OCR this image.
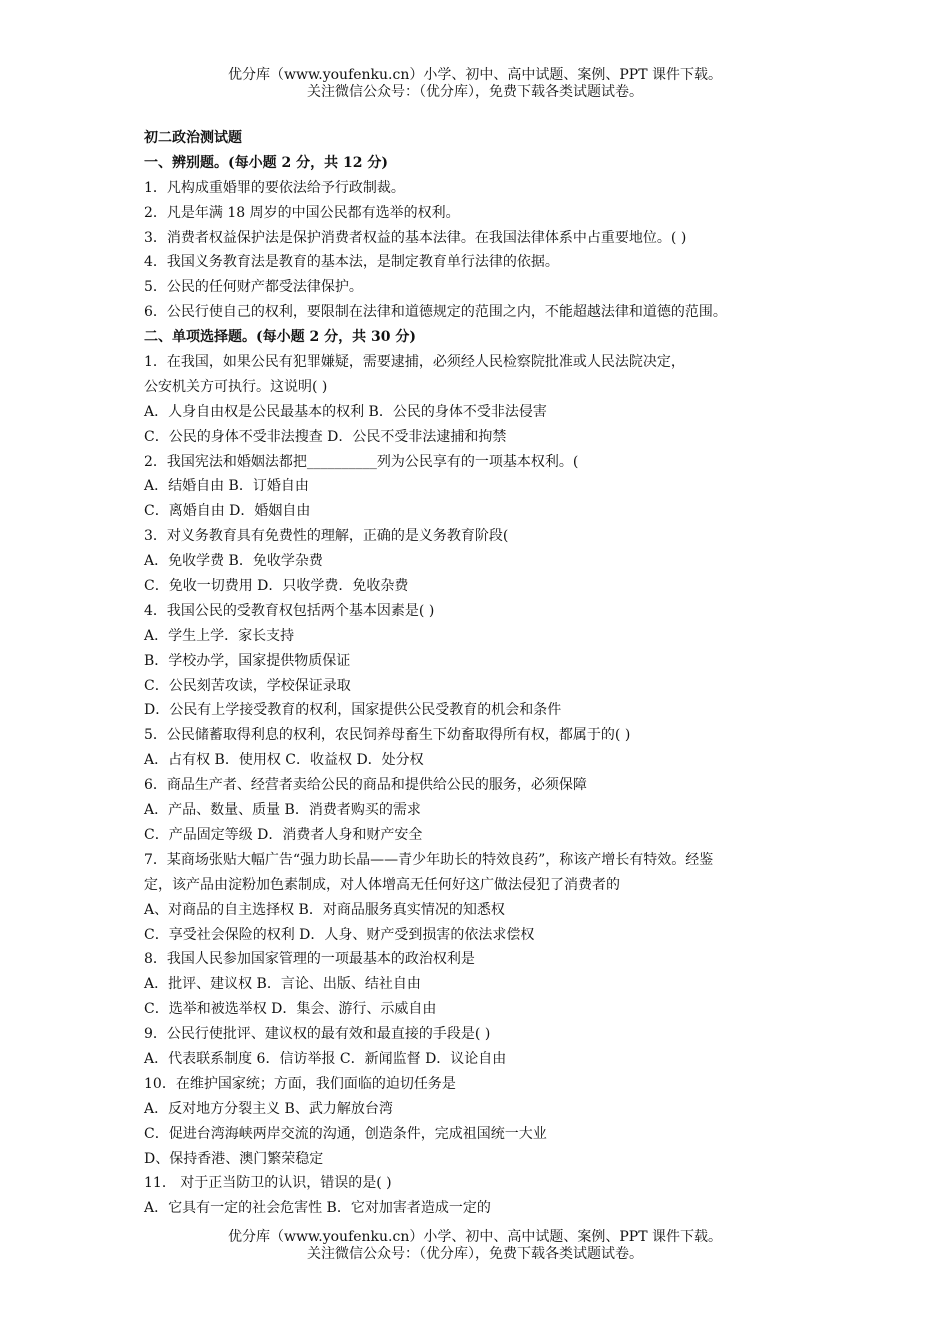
优分库（www.youfenku.cn）小学、初中、高中试题、案例、PPT 课件下载。
关注微信公众号：（优分库），免费下载各类试题试卷。
初二政治测试题
一、辨别题。(每小题 2 分，共 12 分)
1．凡构成重婚罪的要依法给予行政制裁。
2．凡是年满 18 周岁的中国公民都有选举的权利。
3．消费者权益保护法是保护消费者权益的基本法律。在我国法律体系中占重要地位。( )
4．我国义务教育法是教育的基本法，是制定教育单行法律的依据。
5．公民的任何财产都受法律保护。
6．公民行使自己的权利，要限制在法律和道德规定的范围之内，不能超越法律和道德的范围。
二、单项选择题。(每小题 2 分，共 30 分)
1．在我国，如果公民有犯罪嫌疑，需要逮捕，必须经人民检察院批准或人民法院决定，
公安机关方可执行。这说明( )
A．人身自由权是公民最基本的权利 B．公民的身体不受非法侵害
C．公民的身体不受非法搜查 D．公民不受非法逮捕和拘禁
2．我国宪法和婚姻法都把__________列为公民享有的一项基本权利。(
A．结婚自由 B．订婚自由
C．离婚自由 D．婚姻自由
3．对义务教育具有免费性的理解，正确的是义务教育阶段(
A．免收学费 B．免收学杂费
C．免收一切费用 D．只收学费．免收杂费
4．我国公民的受教育权包括两个基本因素是( )
A．学生上学．家长支持
B．学校办学，国家提供物质保证
C．公民刻苦攻读，学校保证录取
D．公民有上学接受教育的权利，国家提供公民受教育的机会和条件
5．公民储蓄取得利息的权利，农民饲养母畜生下幼畜取得所有权，都属于的( )
A．占有权 B．使用权 C．收益权 D．处分权
6．商品生产者、经营者卖给公民的商品和提供给公民的服务，必须保障
A．产品、数量、质量 B．消费者购买的需求
C．产品固定等级 D．消费者人身和财产安全
7．某商场张贴大幅广告“强力助长晶——青少年助长的特效良药”，称该产增长有特效。经鉴
定，该产品由淀粉加色素制成，对人体增高无任何好这广做法侵犯了消费者的
A、对商品的自主选择权 B．对商品服务真实情况的知悉权
C．享受社会保险的权利 D．人身、财产受到损害的依法求偿权
8．我国人民参加国家管理的一项最基本的政治权利是
A．批评、建议权 B．言论、出版、结社自由
C．选举和被选举权 D．集会、游行、示威自由
9．公民行使批评、建议权的最有效和最直接的手段是( )
A．代表联系制度 6．信访举报 C．新闻监督 D．议论自由
10．在维护国家统；方面，我们面临的迫切任务是
A．反对地方分裂主义 B、武力解放台湾
C．促进台湾海峡两岸交流的沟通，创造条件，完成祖国统一大业
D、保持香港、澳门繁荣稳定
11． 对于正当防卫的认识，错误的是( )
A．它具有一定的社会危害性 B．它对加害者造成一定的
优分库（www.youfenku.cn）小学、初中、高中试题、案例、PPT 课件下载。
关注微信公众号：（优分库），免费下载各类试题试卷。
